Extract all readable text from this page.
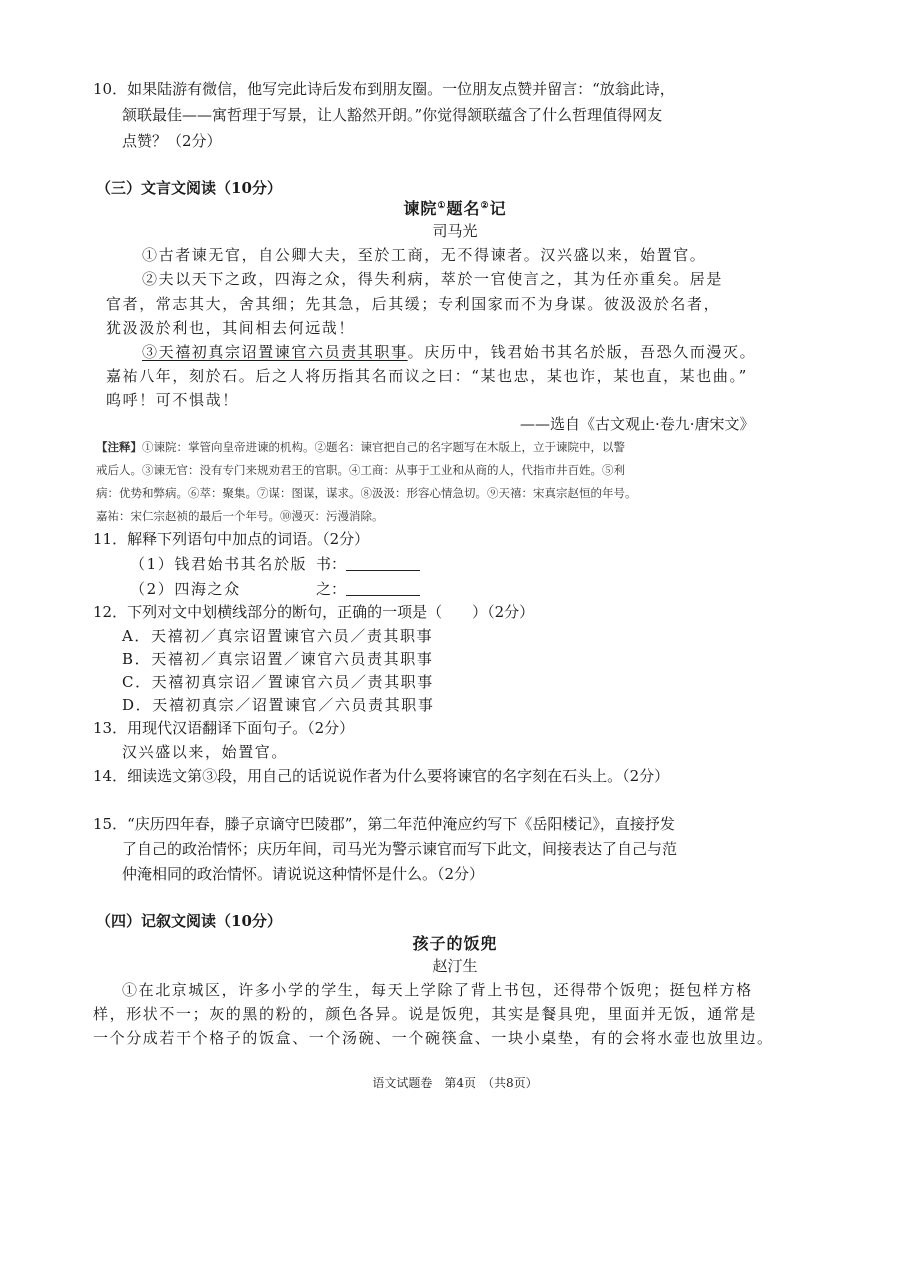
10．如果陆游有微信，他写完此诗后发布到朋友圈。一位朋友点赞并留言：“放翁此诗，
颔联最佳——寓哲理于写景，让人豁然开朗。”你觉得颔联蕴含了什么哲理值得网友
点赞？（2分）
（三）文言文阅读（10分）
谏院①题名②记
司马光
①古者谏无官，自公卿大夫，至於工商，无不得谏者。汉兴盛以来，始置官。
②夫以天下之政，四海之众，得失利病，萃於一官使言之，其为任亦重矣。居是
官者，常志其大，舍其细；先其急，后其缓；专利国家而不为身谋。彼汲汲於名者，
犹汲汲於利也，其间相去何远哉！
③天禧初真宗诏置谏官六员责其职事。庆历中，钱君始书其名於版，吾恐久而漫灭。
嘉祐八年，刻於石。后之人将历指其名而议之曰：“某也忠，某也诈，某也直，某也曲。”
呜呼！可不惧哉！
——选自《古文观止·卷九·唐宋文》
【注释】①谏院：掌管向皇帝进谏的机构。②题名：谏官把自己的名字题写在木版上，立于谏院中，以警
戒后人。③谏无官：没有专门来规劝君王的官职。④工商：从事于工业和从商的人，代指市井百姓。⑤利
病：优势和弊病。⑥萃：聚集。⑦谋：图谋，谋求。⑧汲汲：形容心情急切。⑨天禧：宋真宗赵恒的年号。
嘉祐：宋仁宗赵祯的最后一个年号。⑩漫灭：污漫消除。
11．解释下列语句中加点的词语。（2分）
（1）钱君始书其名於版 书：
（2）四海之众	之：
12．下列对文中划横线部分的断句，正确的一项是（　　）（2分）
A．天禧初／真宗诏置谏官六员／责其职事
B．天禧初／真宗诏置／谏官六员责其职事
C．天禧初真宗诏／置谏官六员／责其职事
D．天禧初真宗／诏置谏官／六员责其职事
13．用现代汉语翻译下面句子。（2分）
汉兴盛以来，始置官。
14．细读选文第③段，用自己的话说说作者为什么要将谏官的名字刻在石头上。（2分）
15．“庆历四年春，滕子京谪守巴陵郡”，第二年范仲淹应约写下《岳阳楼记》，直接抒发
了自己的政治情怀；庆历年间，司马光为警示谏官而写下此文，间接表达了自己与范
仲淹相同的政治情怀。请说说这种情怀是什么。（2分）
（四）记叙文阅读（10分）
孩子的饭兜
赵汀生
①在北京城区，许多小学的学生，每天上学除了背上书包，还得带个饭兜；挺包样方格
样，形状不一；灰的黑的粉的，颜色各异。说是饭兜，其实是餐具兜，里面并无饭，通常是
一个分成若干个格子的饭盒、一个汤碗、一个碗筷盒、一块小桌垫，有的会将水壶也放里边。
语文试题卷　第4页　（共8页）
